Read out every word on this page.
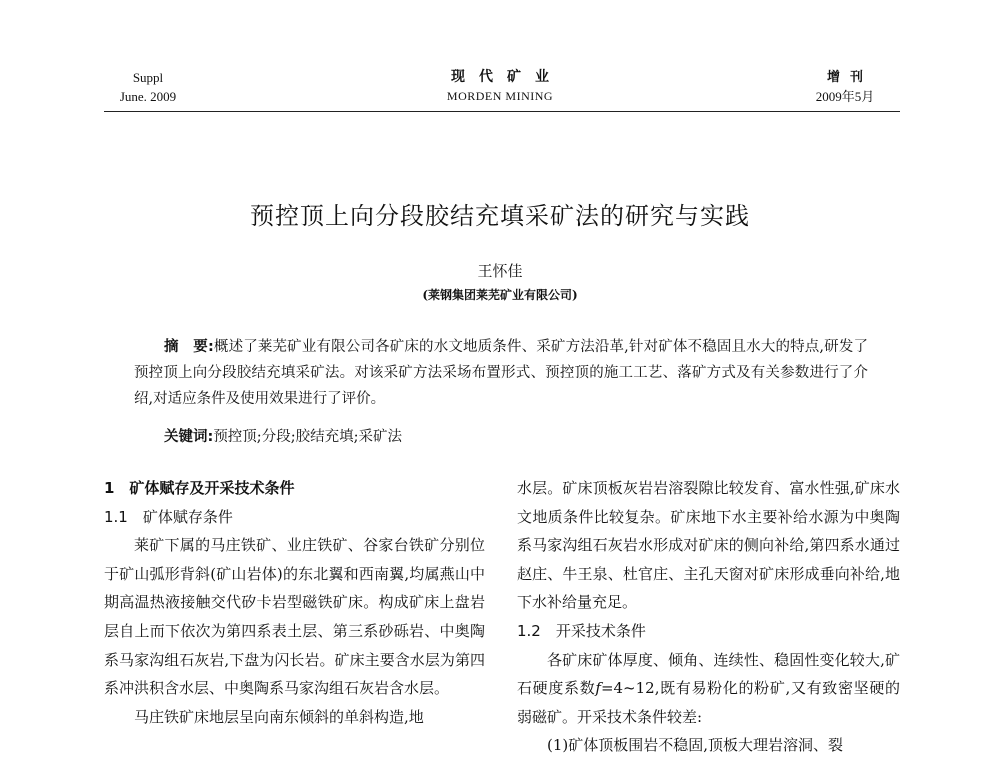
Suppl
June. 2009
现代矿业
MORDEN MINING
增刊
2009年5月
预控顶上向分段胶结充填采矿法的研究与实践
王怀佳
(莱钢集团莱芜矿业有限公司)

摘　要:概述了莱芜矿业有限公司各矿床的水文地质条件、采矿方法沿革,针对矿体不稳固且水大的特点,研发了预控顶上向分段胶结充填采矿法。对该采矿方法采场布置形式、预控顶的施工工艺、落矿方式及有关参数进行了介绍,对适应条件及使用效果进行了评价。

关键词:预控顶;分段;胶结充填;采矿法

1　矿体赋存及开采技术条件

1.1　矿体赋存条件

莱矿下属的马庄铁矿、业庄铁矿、谷家台铁矿分别位于矿山弧形背斜(矿山岩体)的东北翼和西南翼,均属燕山中期高温热液接触交代矽卡岩型磁铁矿床。构成矿床上盘岩层自上而下依次为第四系表土层、第三系砂砾岩、中奥陶系马家沟组石灰岩,下盘为闪长岩。矿床主要含水层为第四系冲洪积含水层、中奥陶系马家沟组石灰岩含水层。

马庄铁矿床地层呈向南东倾斜的单斜构造,地

水层。矿床顶板灰岩岩溶裂隙比较发育、富水性强,矿床水文地质条件比较复杂。矿床地下水主要补给水源为中奥陶系马家沟组石灰岩水形成对矿床的侧向补给,第四系水通过赵庄、牛王泉、杜官庄、主孔天窗对矿床形成垂向补给,地下水补给量充足。

1.2　开采技术条件

各矿床矿体厚度、倾角、连续性、稳固性变化较大,矿石硬度系数f=4~12,既有易粉化的粉矿,又有致密坚硬的弱磁矿。开采技术条件较差:

(1)矿体顶板围岩不稳固,顶板大理岩溶洞、裂
